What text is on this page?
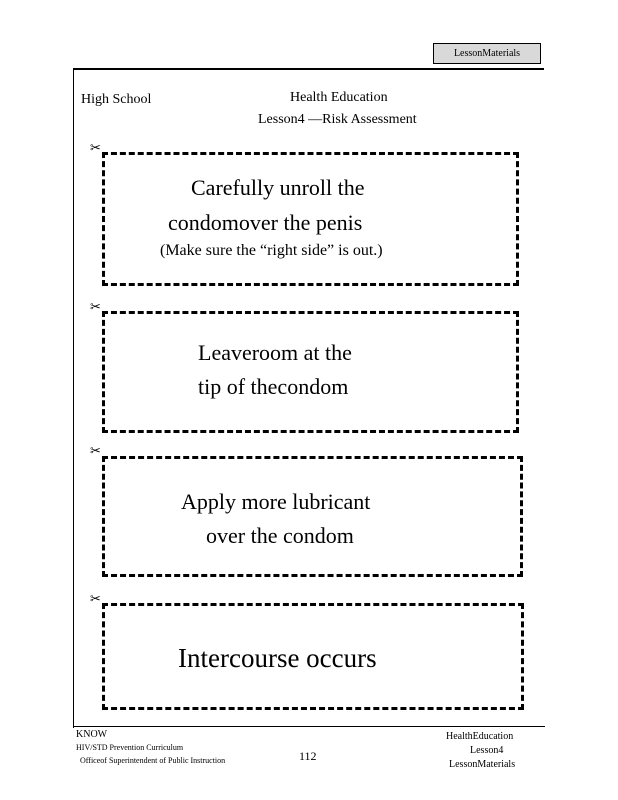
LessonMaterials
High School	Health Education
Lesson4 —Risk Assessment
✂
Carefully unroll the
condomover the penis
(Make sure the “right side” is out.)
✂
Leaveroom at the
tip of thecondom
✂
Apply more lubricant
over the condom
✂
Intercourse occurs
KNOW
HIV/STD Prevention Curriculum
Officeof Superintendent of Public Instruction	112
HealthEducation
Lesson4
LessonMaterials
